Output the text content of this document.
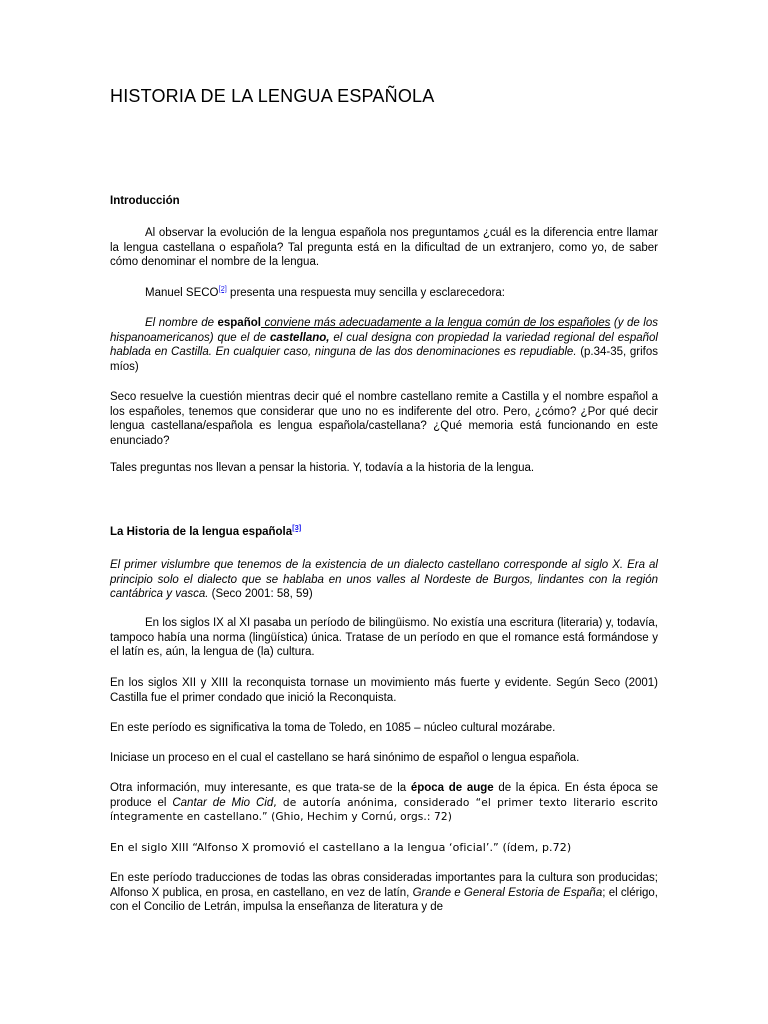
HISTORIA DE LA LENGUA ESPAÑOLA
Introducción

Al observar la evolución de la lengua española nos preguntamos ¿cuál es la diferencia entre llamar la lengua castellana o española? Tal pregunta está en la dificultad de un extranjero, como yo, de saber cómo denominar el nombre de la lengua.

Manuel SECO[2] presenta una respuesta muy sencilla y esclarecedora:

El nombre de español conviene más adecuadamente a la lengua común de los españoles (y de los hispanoamericanos) que el de castellano, el cual designa con propiedad la variedad regional del español hablada en Castilla. En cualquier caso, ninguna de las dos denominaciones es repudiable. (p.34-35, grifos míos)

Seco resuelve la cuestión mientras decir qué el nombre castellano remite a Castilla y el nombre español a los españoles, tenemos que considerar que uno no es indiferente del otro. Pero, ¿cómo? ¿Por qué decir lengua castellana/española es lengua española/castellana? ¿Qué memoria está funcionando en este enunciado?

Tales preguntas nos llevan a pensar la historia. Y, todavía a la historia de la lengua.

La Historia de la lengua española[3]

El primer vislumbre que tenemos de la existencia de un dialecto castellano corresponde al siglo X. Era al principio solo el dialecto que se hablaba en unos valles al Nordeste de Burgos, lindantes con la región cantábrica y vasca. (Seco 2001: 58, 59)

En los siglos IX al XI pasaba un período de bilingüismo. No existía una escritura (literaria) y, todavía, tampoco había una norma (lingüística) única. Tratase de un período en que el romance está formándose y el latín es, aún, la lengua de (la) cultura.

En los siglos XII y XIII la reconquista tornase un movimiento más fuerte y evidente. Según Seco (2001) Castilla fue el primer condado que inició la Reconquista.

En este período es significativa la toma de Toledo, en 1085 – núcleo cultural mozárabe.

Iniciase un proceso en el cual el castellano se hará sinónimo de español o lengua española.

Otra información, muy interesante, es que trata-se de la época de auge de la épica. En ésta época se produce el Cantar de Mio Cid, de autoría anónima, considerado “el primer texto literario escrito íntegramente en castellano.” (Ghio, Hechim y Cornú, orgs.: 72)

En el siglo XIII “Alfonso X promovió el castellano a la lengua ‘oficial’.” (ídem, p.72)

En este período traducciones de todas las obras consideradas importantes para la cultura son producidas; Alfonso X publica, en prosa, en castellano, en vez de latín, Grande e General Estoria de España; el clérigo, con el Concilio de Letrán, impulsa la enseñanza de literatura y de
